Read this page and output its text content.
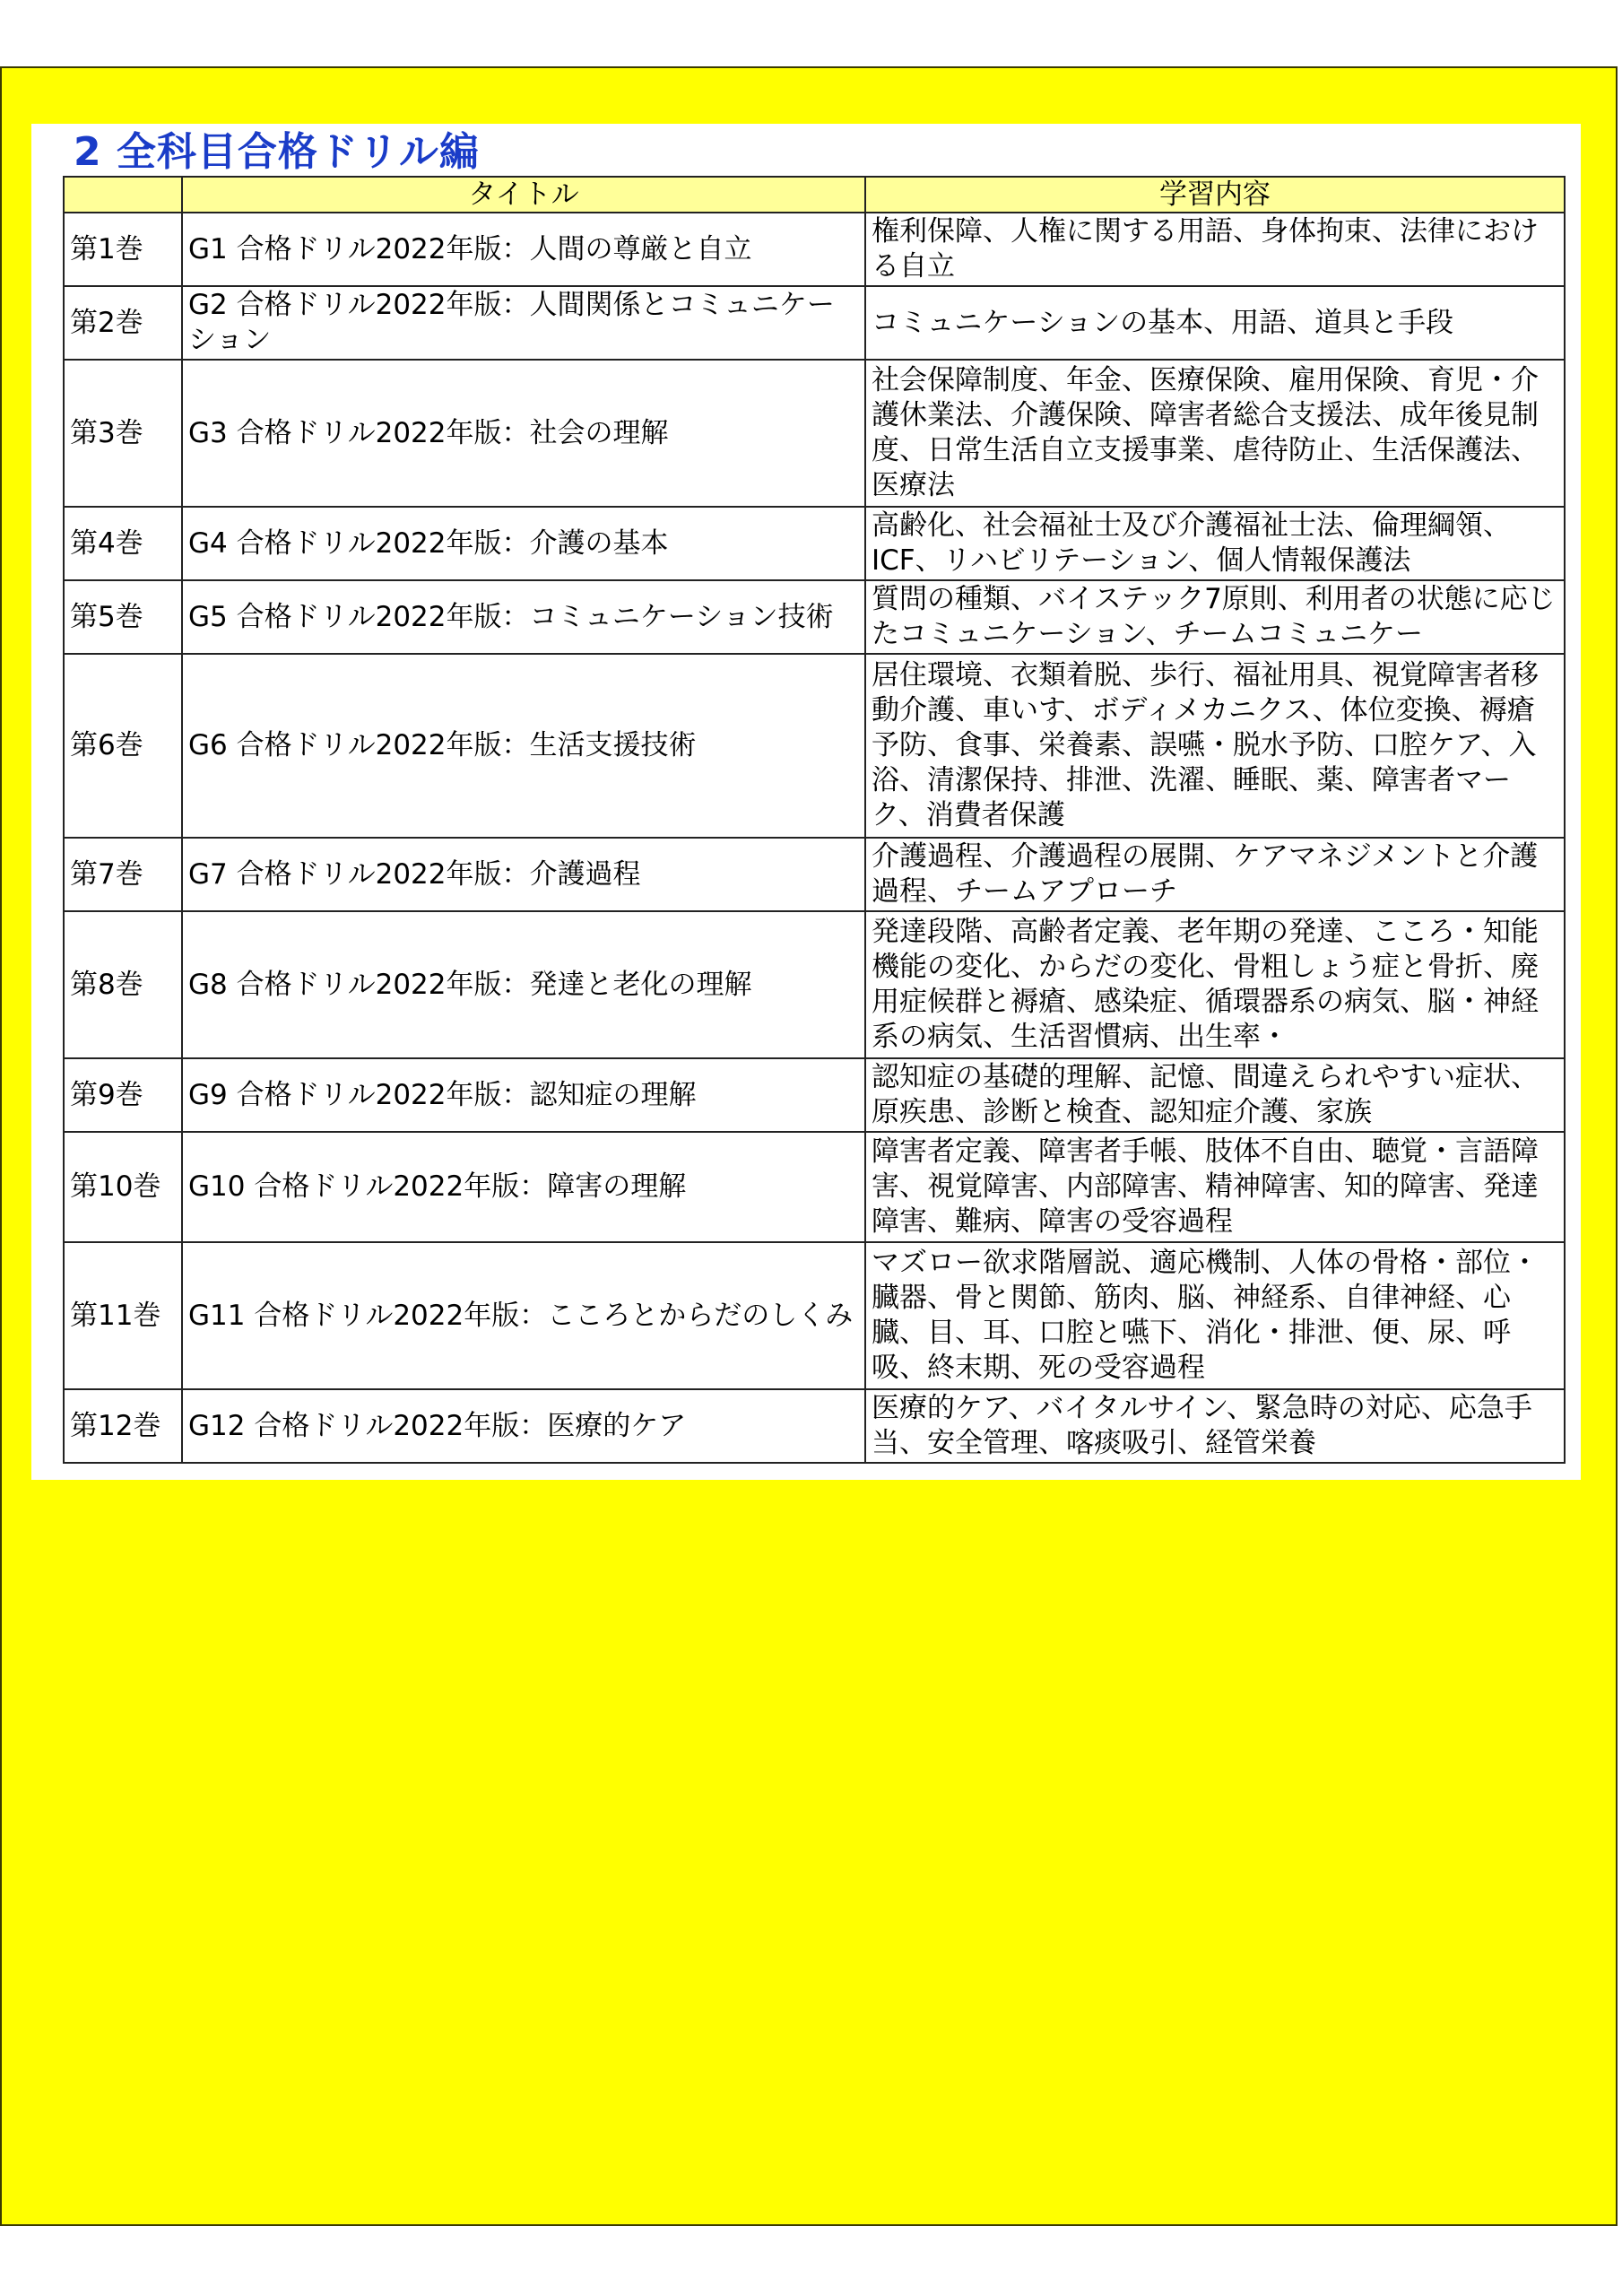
2 全科目合格ドリル編
	タイトル	学習内容
第1巻	G1 合格ドリル2022年版：人間の尊厳と自立	権利保障、人権に関する用語、身体拘束、法律における自立
第2巻	G2 合格ドリル2022年版：人間関係とコミュニケーション	コミュニケーションの基本、用語、道具と手段
第3巻	G3 合格ドリル2022年版：社会の理解	社会保障制度、年金、医療保険、雇用保険、育児・介護休業法、介護保険、障害者総合支援法、成年後見制度、日常生活自立支援事業、虐待防止、生活保護法、医療法
第4巻	G4 合格ドリル2022年版：介護の基本	高齢化、社会福祉士及び介護福祉士法、倫理綱領、ICF、リハビリテーション、個人情報保護法
第5巻	G5 合格ドリル2022年版：コミュニケーション技術	質問の種類、バイステック7原則、利用者の状態に応じたコミュニケーション、チームコミュニケー

第6巻	G6 合格ドリル2022年版：生活支援技術	居住環境、衣類着脱、歩行、福祉用具、視覚障害者移動介護、車いす、ボディメカニクス、体位変換、褥瘡予防、食事、栄養素、誤嚥・脱水予防、口腔ケア、入浴、清潔保持、排泄、洗濯、睡眠、薬、障害者マーク、消費者保護
第7巻	G7 合格ドリル2022年版：介護過程	介護過程、介護過程の展開、ケアマネジメントと介護過程、チームアプローチ
第8巻	G8 合格ドリル2022年版：発達と老化の理解	発達段階、高齢者定義、老年期の発達、こころ・知能機能の変化、からだの変化、骨粗しょう症と骨折、廃用症候群と褥瘡、感染症、循環器系の病気、脳・神経系の病気、生活習慣病、出生率・
第9巻	G9 合格ドリル2022年版：認知症の理解	認知症の基礎的理解、記憶、間違えられやすい症状、原疾患、診断と検査、認知症介護、家族
第10巻	G10 合格ドリル2022年版：障害の理解	障害者定義、障害者手帳、肢体不自由、聴覚・言語障害、視覚障害、内部障害、精神障害、知的障害、発達障害、難病、障害の受容過程
第11巻	G11 合格ドリル2022年版：こころとからだのしくみ	マズロー欲求階層説、適応機制、人体の骨格・部位・臓器、骨と関節、筋肉、脳、神経系、自律神経、心臓、目、耳、口腔と嚥下、消化・排泄、便、尿、呼吸、終末期、死の受容過程
第12巻	G12 合格ドリル2022年版：医療的ケア	医療的ケア、バイタルサイン、緊急時の対応、応急手当、安全管理、喀痰吸引、経管栄養
